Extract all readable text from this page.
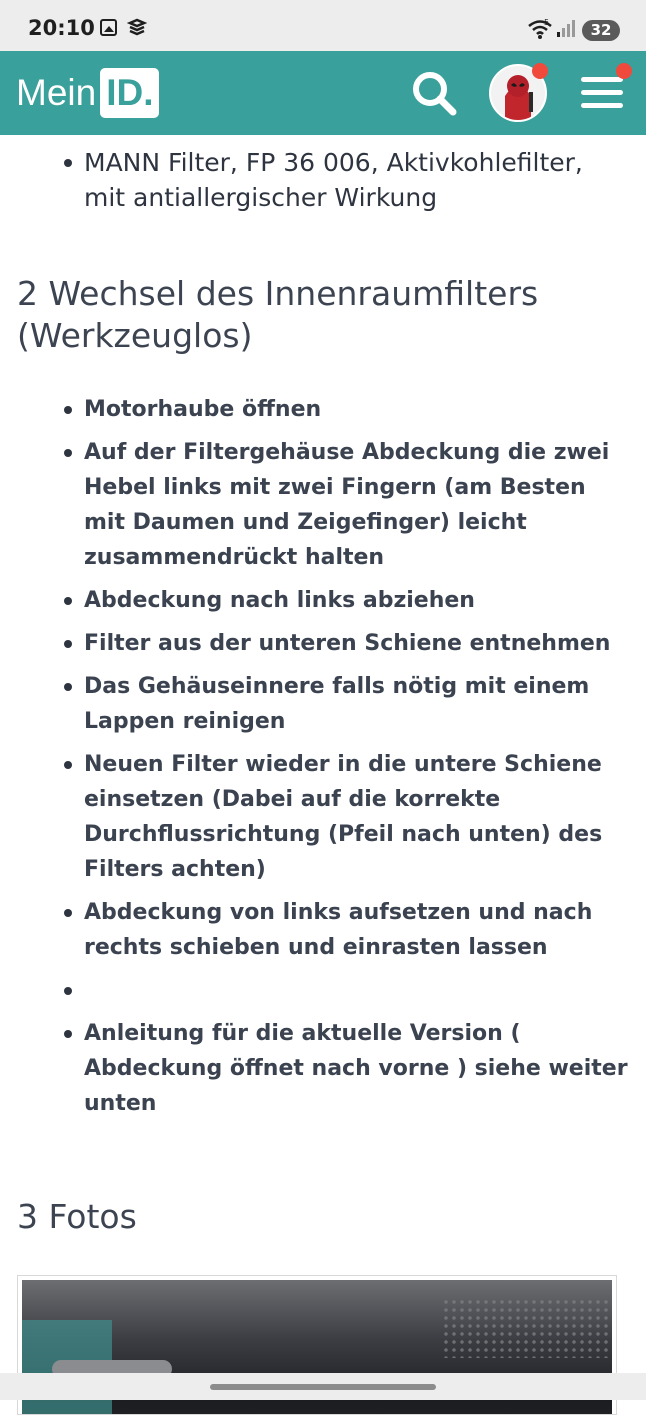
20:10	5	32
Mein ID.
MANN Filter, FP 36 006, Aktivkohlefilter, mit antiallergischer Wirkung
2 Wechsel des Innenraumfilters (Werkzeuglos)
Motorhaube öffnen
Auf der Filtergehäuse Abdeckung die zwei Hebel links mit zwei Fingern (am Besten mit Daumen und Zeigefinger) leicht zusammendrückt halten
Abdeckung nach links abziehen
Filter aus der unteren Schiene entnehmen
Das Gehäuseinnere falls nötig mit einem Lappen reinigen
Neuen Filter wieder in die untere Schiene einsetzen (Dabei auf die korrekte Durchflussrichtung (Pfeil nach unten) des Filters achten)
Abdeckung von links aufsetzen und nach rechts schieben und einrasten lassen
Anleitung für die aktuelle Version ( Abdeckung öffnet nach vorne ) siehe weiter unten
3 Fotos
